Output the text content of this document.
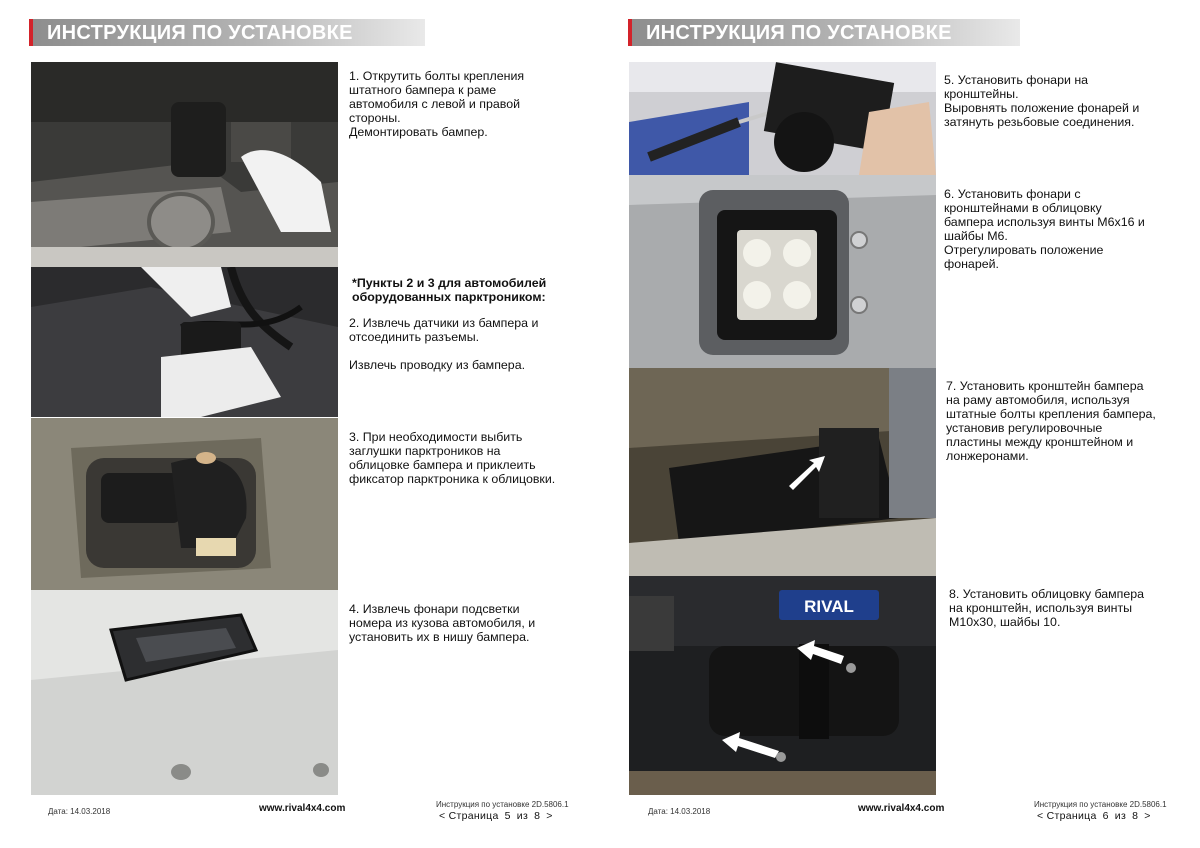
ИНСТРУКЦИЯ ПО УСТАНОВКЕ
1. Открутить болты крепления
штатного бампера к раме
автомобиля с левой и правой
стороны.
Демонтировать бампер.
*Пункты 2 и 3 для автомобилей
оборудованных парктроником:
2. Извлечь датчики из бампера и
отсоединить разъемы.
Извлечь проводку из бампера.
3. При необходимости выбить
заглушки парктроников на
облицовке бампера и приклеить
фиксатор парктроника к облицовки.
4. Извлечь фонари подсветки
номера из кузова автомобиля, и
установить их в нишу бампера.
Дата: 14.03.2018	www.rival4x4.com	Инструкция по установке 2D.5806.1
< Страница 5 из 8 >
ИНСТРУКЦИЯ ПО УСТАНОВКЕ
RIVAL
5. Установить фонари на
кронштейны.
Выровнять положение фонарей и
затянуть резьбовые соединения.
6. Установить фонари с
кронштейнами в облицовку
бампера используя винты М6х16 и
шайбы М6.
Отрегулировать положение
фонарей.
7. Установить кронштейн бампера
на раму автомобиля, используя
штатные болты крепления бампера,
установив регулировочные
пластины между кронштейном и
лонжеронами.
8. Установить облицовку бампера
на кронштейн, используя винты
М10х30, шайбы 10.
Дата: 14.03.2018	www.rival4x4.com	Инструкция по установке 2D.5806.1
< Страница 6 из 8 >
